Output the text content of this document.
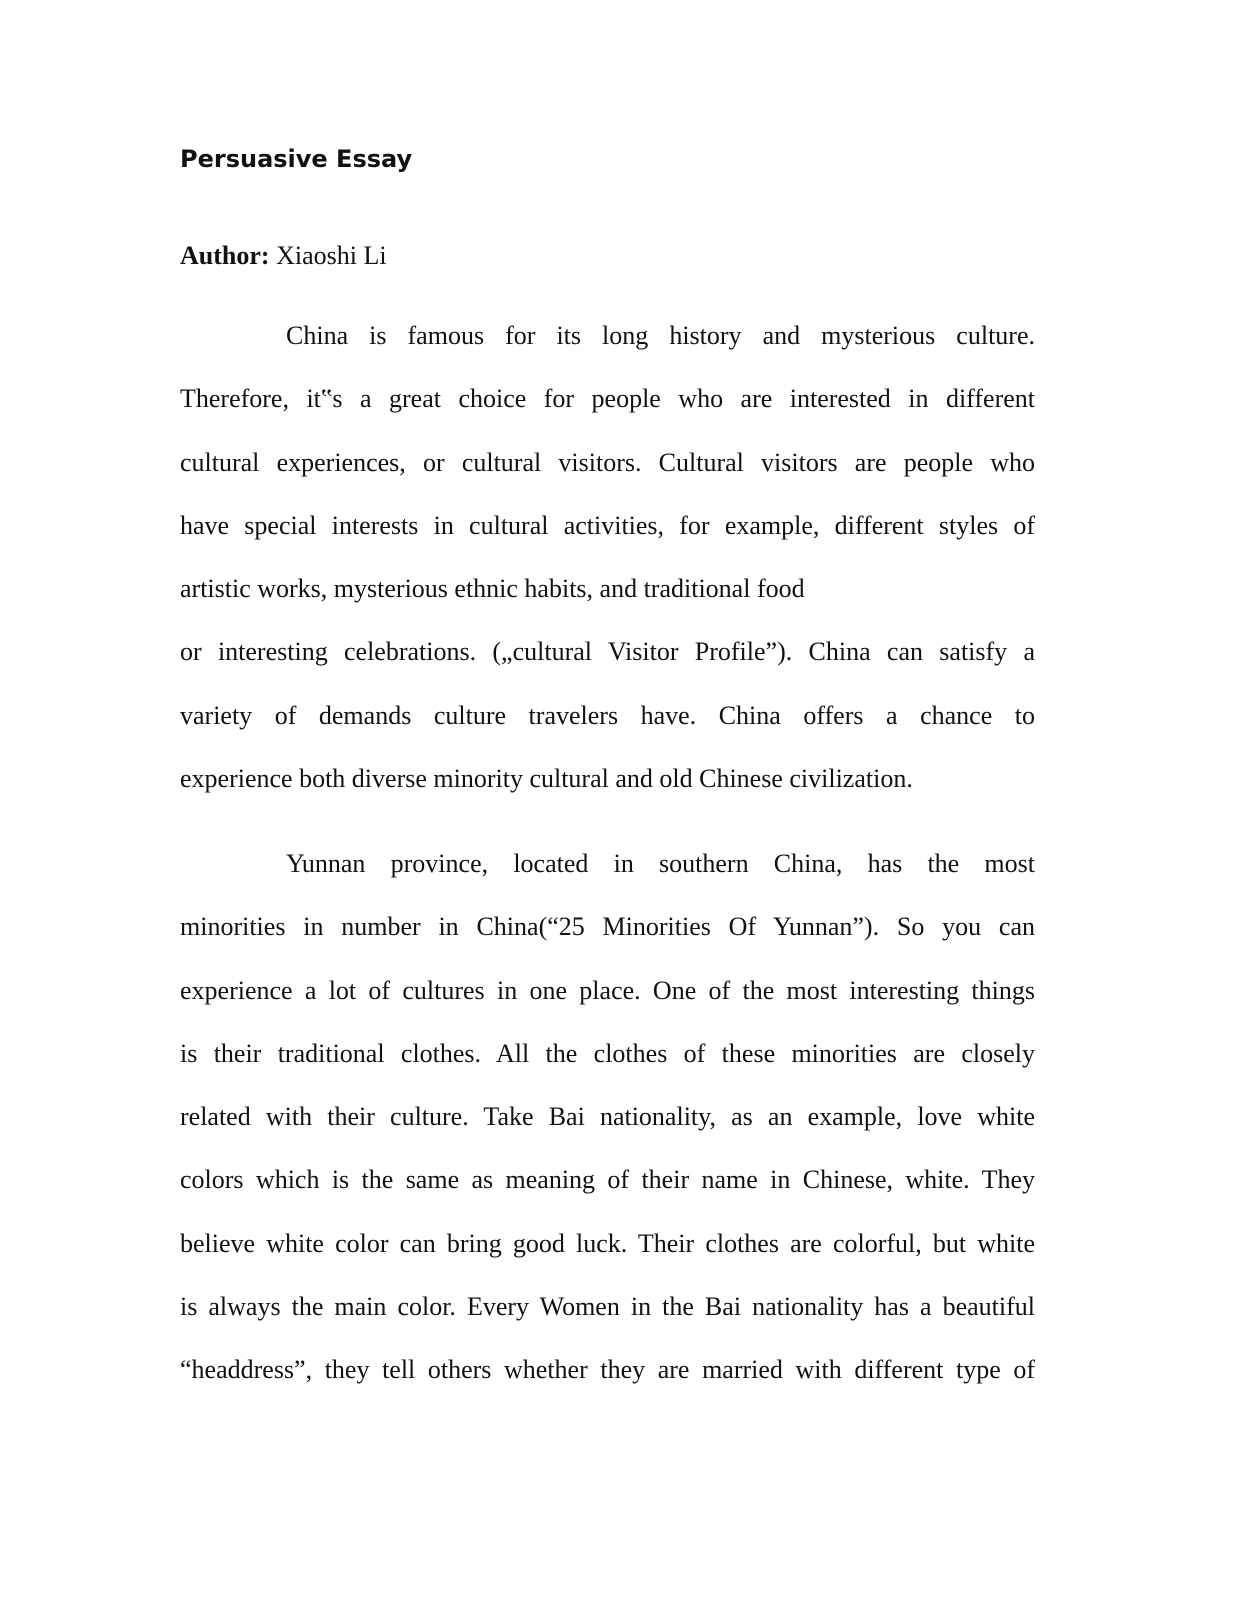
Persuasive Essay

Author: Xiaoshi Li

China is famous for its long history and mysterious culture.
Therefore, it‟s a great choice for people who are interested in different
cultural experiences, or cultural visitors. Cultural visitors are people who
have special interests in cultural activities, for example, different styles of
artistic works, mysterious ethnic habits, and traditional food
or interesting celebrations. („cultural Visitor Profile”). China can satisfy a
variety of demands culture travelers have. China offers a chance to
experience both diverse minority cultural and old Chinese civilization.
Yunnan province, located in southern China, has the most
minorities in number in China(“25 Minorities Of Yunnan”). So you can
experience a lot of cultures in one place. One of the most interesting things
is their traditional clothes. All the clothes of these minorities are closely
related with their culture. Take Bai nationality, as an example, love white
colors which is the same as meaning of their name in Chinese, white. They
believe white color can bring good luck. Their clothes are colorful, but white
is always the main color. Every Women in the Bai nationality has a beautiful
“headdress”, they tell others whether they are married with different type of
